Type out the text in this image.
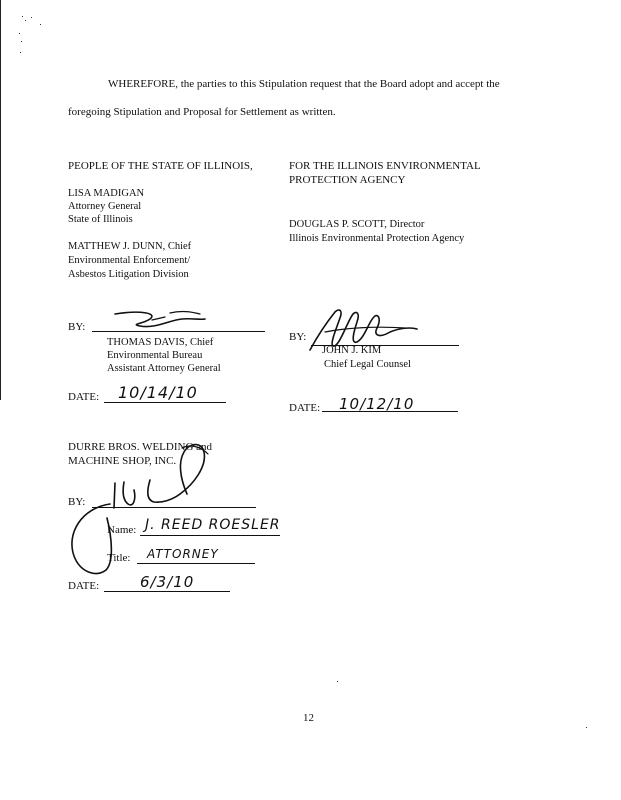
WHEREFORE, the parties to this Stipulation request that the Board adopt and accept the
foregoing Stipulation and Proposal for Settlement as written.
PEOPLE OF THE STATE OF ILLINOIS,
LISA MADIGAN
Attorney General
State of Illinois
MATTHEW J. DUNN, Chief
Environmental Enforcement/
Asbestos Litigation Division
BY:
THOMAS DAVIS, Chief
Environmental Bureau
Assistant Attorney General
DATE: 10/14/10
FOR THE ILLINOIS ENVIRONMENTAL
PROTECTION AGENCY
DOUGLAS P. SCOTT, Director
Illinois Environmental Protection Agency
BY:
JOHN J. KIM
Chief Legal Counsel
DATE: 10/12/10
DURRE BROS. WELDING and
MACHINE SHOP, INC.
BY:
Name: J. REED ROESLER
Title: ATTORNEY
DATE:	6/3/10
12
